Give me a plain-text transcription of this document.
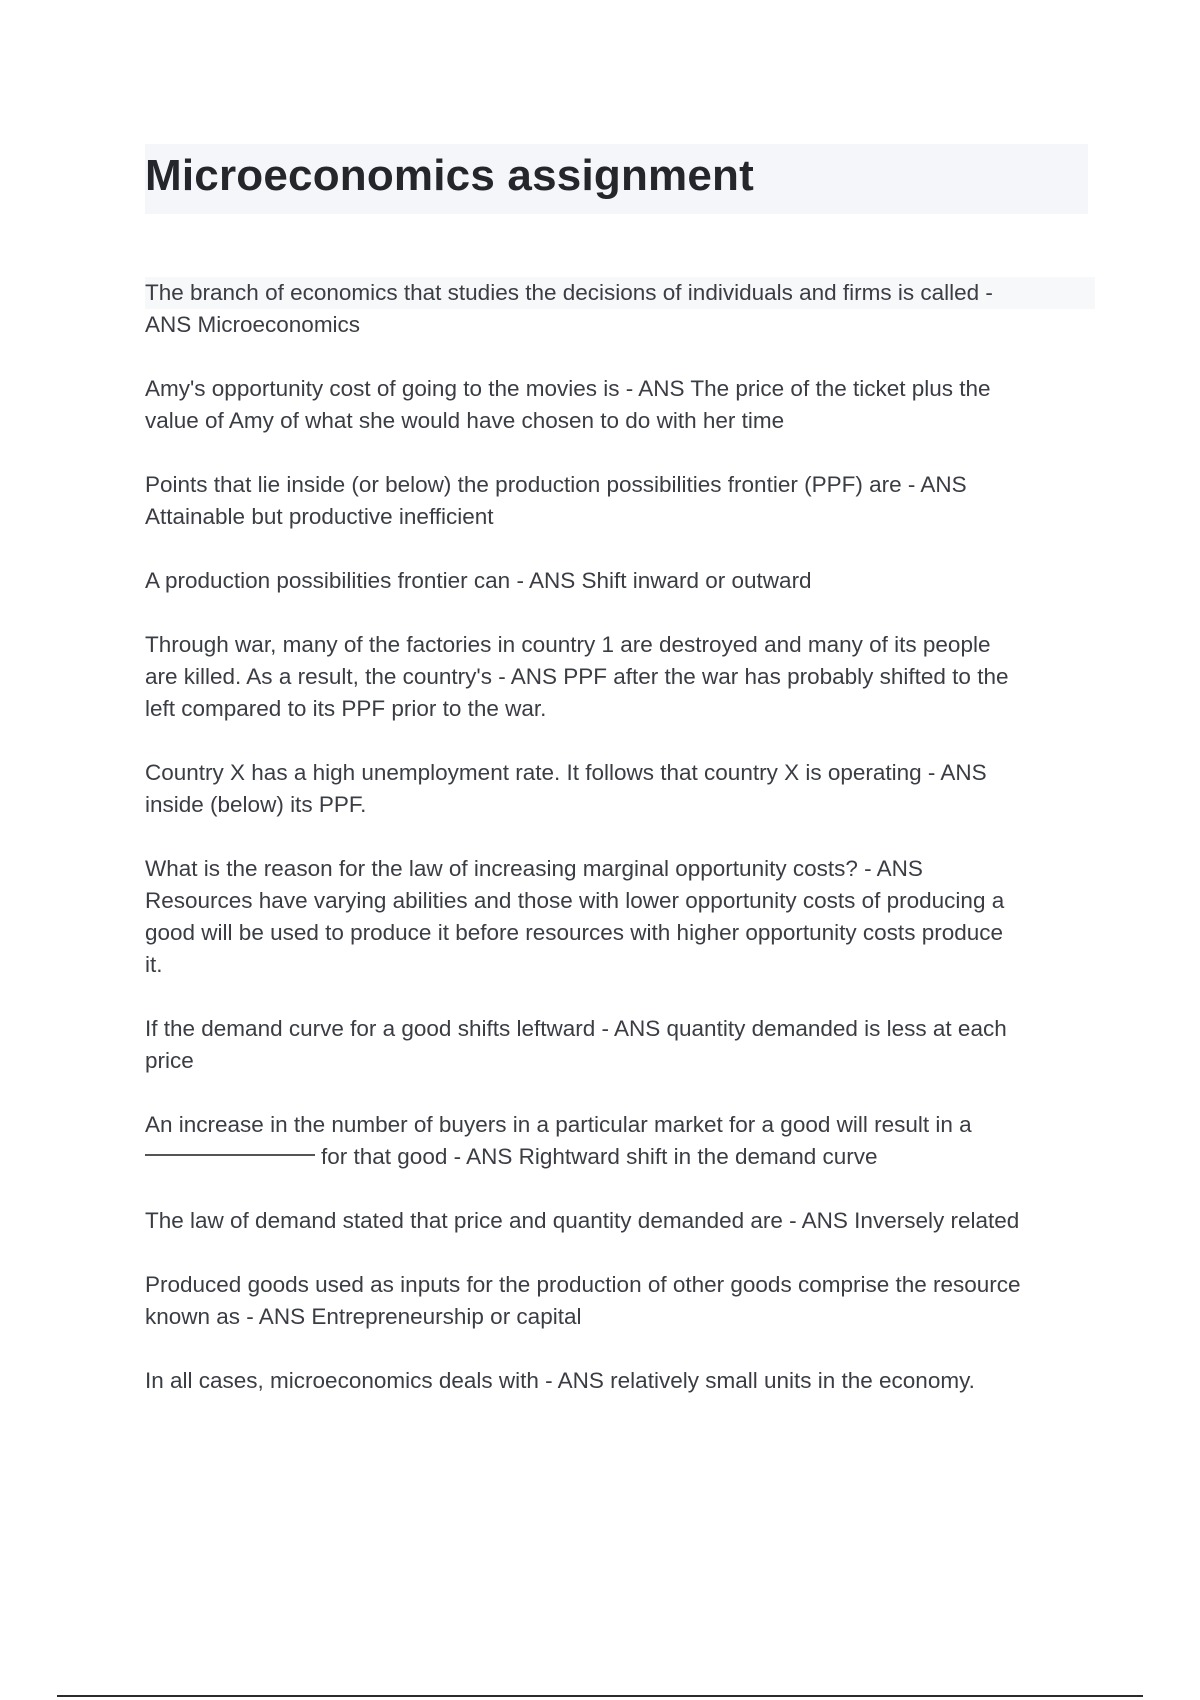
Microeconomics assignment

The branch of economics that studies the decisions of individuals and firms is called -
ANS Microeconomics

Amy's opportunity cost of going to the movies is - ANS The price of the ticket plus the
value of Amy of what she would have chosen to do with her time

Points that lie inside (or below) the production possibilities frontier (PPF) are - ANS
Attainable but productive inefficient

A production possibilities frontier can - ANS Shift inward or outward

Through war, many of the factories in country 1 are destroyed and many of its people
are killed. As a result, the country's - ANS PPF after the war has probably shifted to the
left compared to its PPF prior to the war.

Country X has a high unemployment rate. It follows that country X is operating - ANS
inside (below) its PPF.

What is the reason for the law of increasing marginal opportunity costs? - ANS
Resources have varying abilities and those with lower opportunity costs of producing a
good will be used to produce it before resources with higher opportunity costs produce
it.

If the demand curve for a good shifts leftward - ANS quantity demanded is less at each
price

An increase in the number of buyers in a particular market for a good will result in a
for that good - ANS Rightward shift in the demand curve

The law of demand stated that price and quantity demanded are - ANS Inversely related

Produced goods used as inputs for the production of other goods comprise the resource
known as - ANS Entrepreneurship or capital

In all cases, microeconomics deals with - ANS relatively small units in the economy.
